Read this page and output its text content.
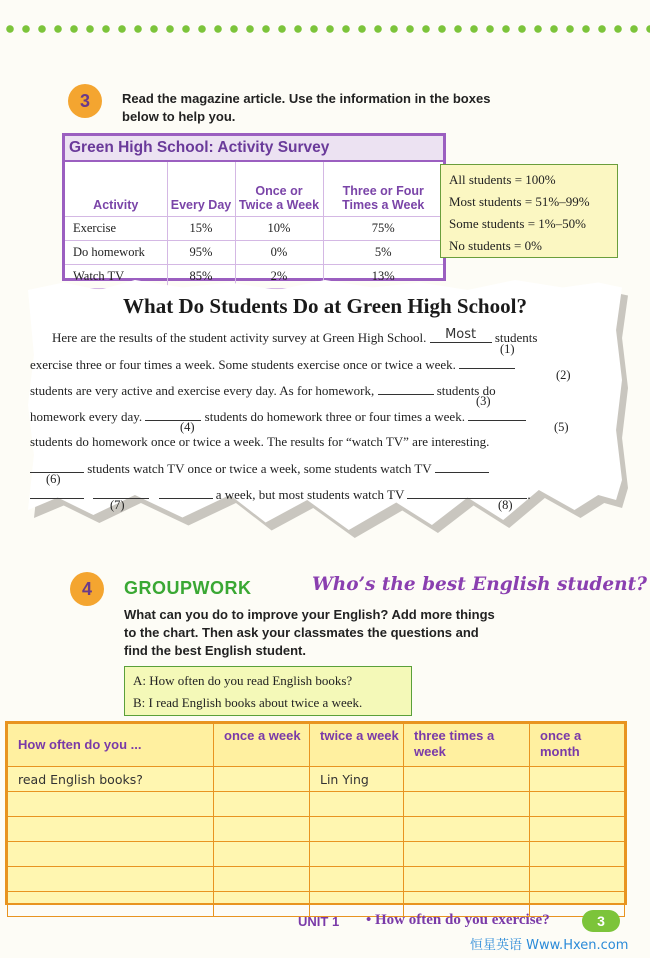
3	Read the magazine article. Use the information in the boxes
below to help you.
Green High School: Activity Survey
Activity	Every Day	Once or Twice a Week	Three or Four Times a Week
Exercise	15%	10%	75%
Do homework	95%	0%	5%
Watch TV	85%	2%	13%
All students = 100%
Most students = 51%–99%
Some students = 1%–50%
No students = 0%
What Do Students Do at Green High School?
Here are the results of the student activity survey at Green High School. Most students
(1)
exercise three or four times a week. Some students exercise once or twice a week.
(2)
students are very active and exercise every day. As for homework,	students do
(3)
homework every day.	students do homework three or four times a week.
(4)	(5)
students do homework once or twice a week. The results for “watch TV” are interesting.
students watch TV once or twice a week, some students watch TV
(6)
a week, but most students watch TV	.
(7)	(8)
4	GROUPWORK	Who’s the best English student?
What can you do to improve your English? Add more things
to the chart. Then ask your classmates the questions and
find the best English student.
A: How often do you read English books?
B: I read English books about twice a week.
How often do you ...	once a week	twice a week	three times a week	once a month
read English books?		Lin Ying		

UNIT 1 • How often do you exercise?	3
恒星英语 Www.Hxen.com
